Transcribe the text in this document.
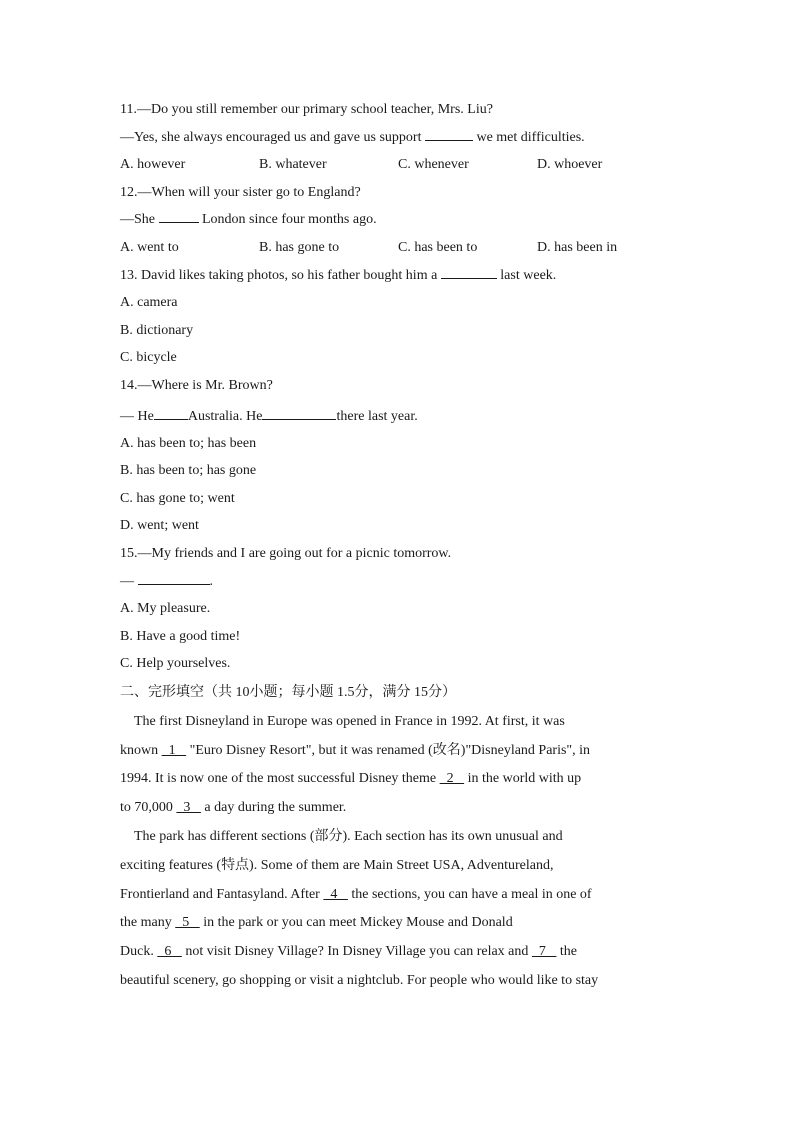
11.—Do you still remember our primary school teacher, Mrs. Liu?
—Yes, she always encouraged us and gave us support	we met difficulties.
A. however	B. whatever	C. whenever	D. whoever
12.—When will your sister go to England?
—She	London since four months ago.
A. went to	B. has gone to	C. has been to	D. has been in
13. David likes taking photos, so his father bought him a	last week.
A. camera
B. dictionary
C. bicycle
14.—Where is Mr. Brown?
— He Australia. He	there last year.
A. has been to; has been
B. has been to; has gone
C. has gone to; went
D. went; went
15.—My friends and I are going out for a picnic tomorrow.
—	.
A. My pleasure.
B. Have a good time!
C. Help yourselves.
二、完形填空（共 10小题；每小题 1.5分，满分 15分）
The first Disneyland in Europe was opened in France in 1992. At first, it was
known   1    "Euro Disney Resort", but it was renamed (改名)"Disneyland Paris", in
1994. It is now one of the most successful Disney theme   2    in the world with up
to 70,000   3    a day during the summer.
The park has different sections (部分). Each section has its own unusual and
exciting features (特点). Some of them are Main Street USA, Adventureland,
Frontierland and Fantasyland. After   4    the sections, you can have a meal in one of
the many   5    in the park or you can meet Mickey Mouse and Donald
Duck.   6    not visit Disney Village? In Disney Village you can relax and   7    the
beautiful scenery, go shopping or visit a nightclub. For people who would like to stay
